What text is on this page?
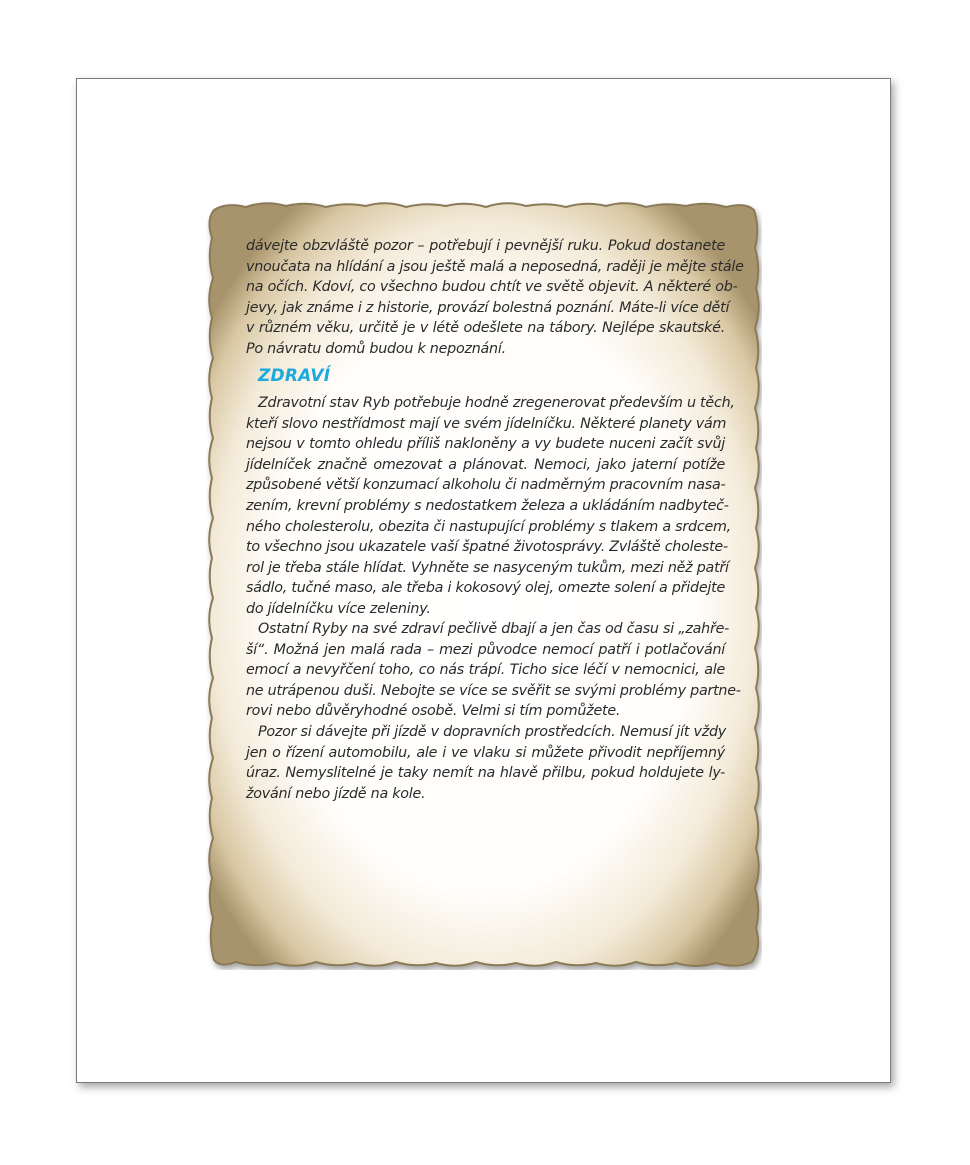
dávejte obzvláště pozor – potřebují i pevnější ruku. Pokud dostanete
vnoučata na hlídání a jsou ještě malá a neposedná, raději je mějte stále
na očích. Kdoví, co všechno budou chtít ve světě objevit. A některé ob-
jevy, jak známe i z historie, provází bolestná poznání. Máte-li více dětí
v různém věku, určitě je v létě odešlete na tábory. Nejlépe skautské.
Po návratu domů budou k nepoznání.
ZDRAVÍ
Zdravotní stav Ryb potřebuje hodně zregenerovat především u těch,
kteří slovo nestřídmost mají ve svém jídelníčku. Některé planety vám
nejsou v tomto ohledu příliš nakloněny a vy budete nuceni začít svůj
jídelníček značně omezovat a plánovat. Nemoci, jako jaterní potíže
způsobené větší konzumací alkoholu či nadměrným pracovním nasa-
zením, krevní problémy s nedostatkem železa a ukládáním nadbyteč-
ného cholesterolu, obezita či nastupující problémy s tlakem a srdcem,
to všechno jsou ukazatele vaší špatné životosprávy. Zvláště choleste-
rol je třeba stále hlídat. Vyhněte se nasyceným tukům, mezi něž patří
sádlo, tučné maso, ale třeba i kokosový olej, omezte solení a přidejte
do jídelníčku více zeleniny.
Ostatní Ryby na své zdraví pečlivě dbají a jen čas od času si „zahře-
ší“. Možná jen malá rada – mezi původce nemocí patří i potlačování
emocí a nevyřčení toho, co nás trápí. Ticho sice léčí v nemocnici, ale
ne utrápenou duši. Nebojte se více se svěřit se svými problémy partne-
rovi nebo důvěryhodné osobě. Velmi si tím pomůžete.
Pozor si dávejte při jízdě v dopravních prostředcích. Nemusí jít vždy
jen o řízení automobilu, ale i ve vlaku si můžete přivodit nepříjemný
úraz. Nemyslitelné je taky nemít na hlavě přilbu, pokud holdujete ly-
žování nebo jízdě na kole.
